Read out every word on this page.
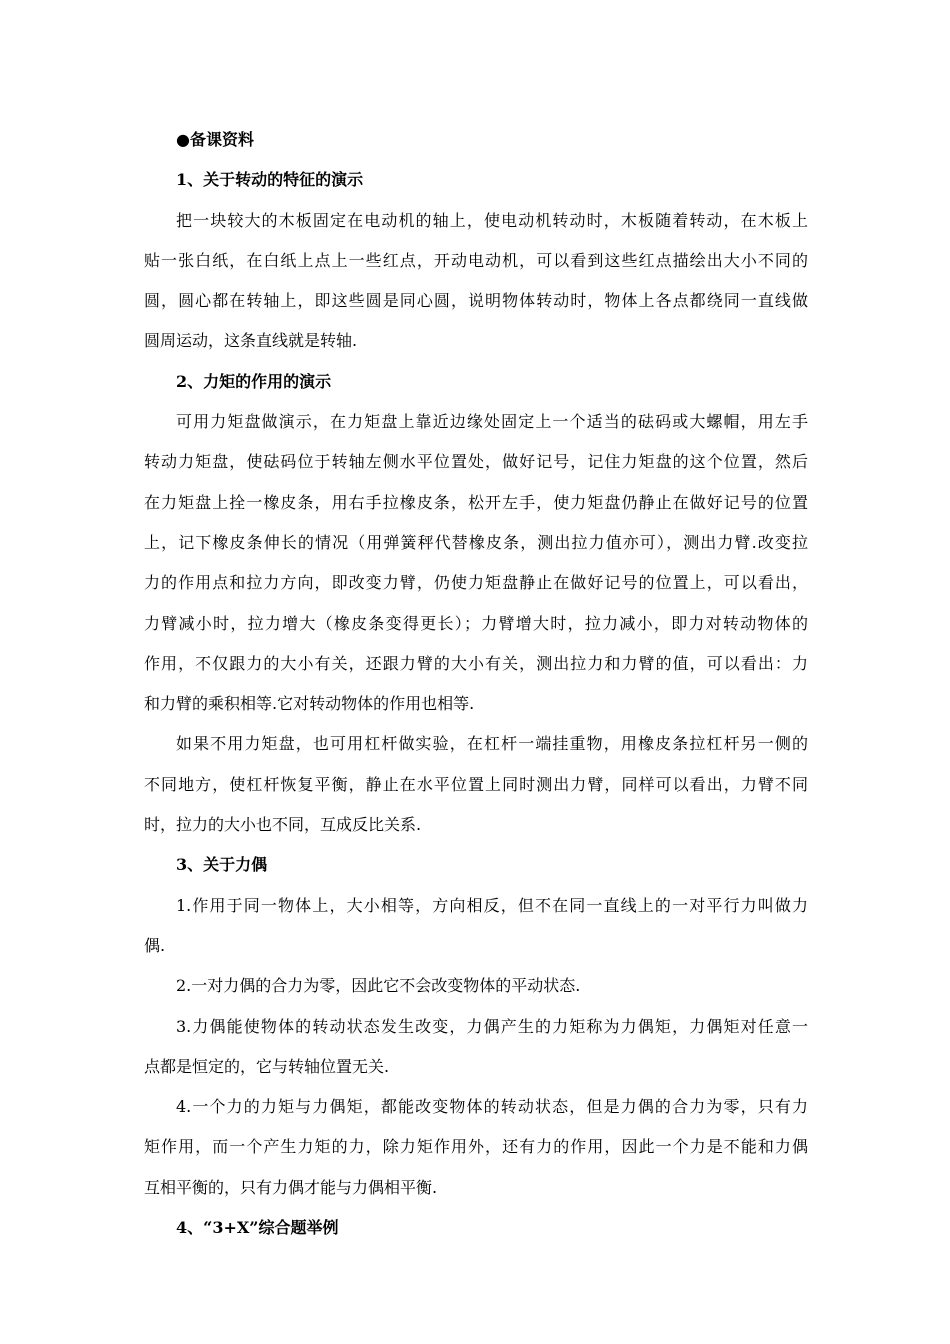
●备课资料

1、关于转动的特征的演示

把一块较大的木板固定在电动机的轴上，使电动机转动时，木板随着转动，在木板上

贴一张白纸，在白纸上点上一些红点，开动电动机，可以看到这些红点描绘出大小不同的

圆，圆心都在转轴上，即这些圆是同心圆，说明物体转动时，物体上各点都绕同一直线做

圆周运动，这条直线就是转轴.

2、力矩的作用的演示

可用力矩盘做演示，在力矩盘上靠近边缘处固定上一个适当的砝码或大螺帽，用左手

转动力矩盘，使砝码位于转轴左侧水平位置处，做好记号，记住力矩盘的这个位置，然后

在力矩盘上拴一橡皮条，用右手拉橡皮条，松开左手，使力矩盘仍静止在做好记号的位置

上，记下橡皮条伸长的情况（用弹簧秤代替橡皮条，测出拉力值亦可），测出力臂.改变拉

力的作用点和拉力方向，即改变力臂，仍使力矩盘静止在做好记号的位置上，可以看出，

力臂减小时，拉力增大（橡皮条变得更长）；力臂增大时，拉力减小，即力对转动物体的

作用，不仅跟力的大小有关，还跟力臂的大小有关，测出拉力和力臂的值，可以看出：力

和力臂的乘积相等.它对转动物体的作用也相等.

如果不用力矩盘，也可用杠杆做实验，在杠杆一端挂重物，用橡皮条拉杠杆另一侧的

不同地方，使杠杆恢复平衡，静止在水平位置上同时测出力臂，同样可以看出，力臂不同

时，拉力的大小也不同，互成反比关系.

3、关于力偶

1.作用于同一物体上，大小相等，方向相反，但不在同一直线上的一对平行力叫做力

偶.

2.一对力偶的合力为零，因此它不会改变物体的平动状态.

3.力偶能使物体的转动状态发生改变，力偶产生的力矩称为力偶矩，力偶矩对任意一

点都是恒定的，它与转轴位置无关.

4.一个力的力矩与力偶矩，都能改变物体的转动状态，但是力偶的合力为零，只有力

矩作用，而一个产生力矩的力，除力矩作用外，还有力的作用，因此一个力是不能和力偶

互相平衡的，只有力偶才能与力偶相平衡.

4、“3+X”综合题举例
